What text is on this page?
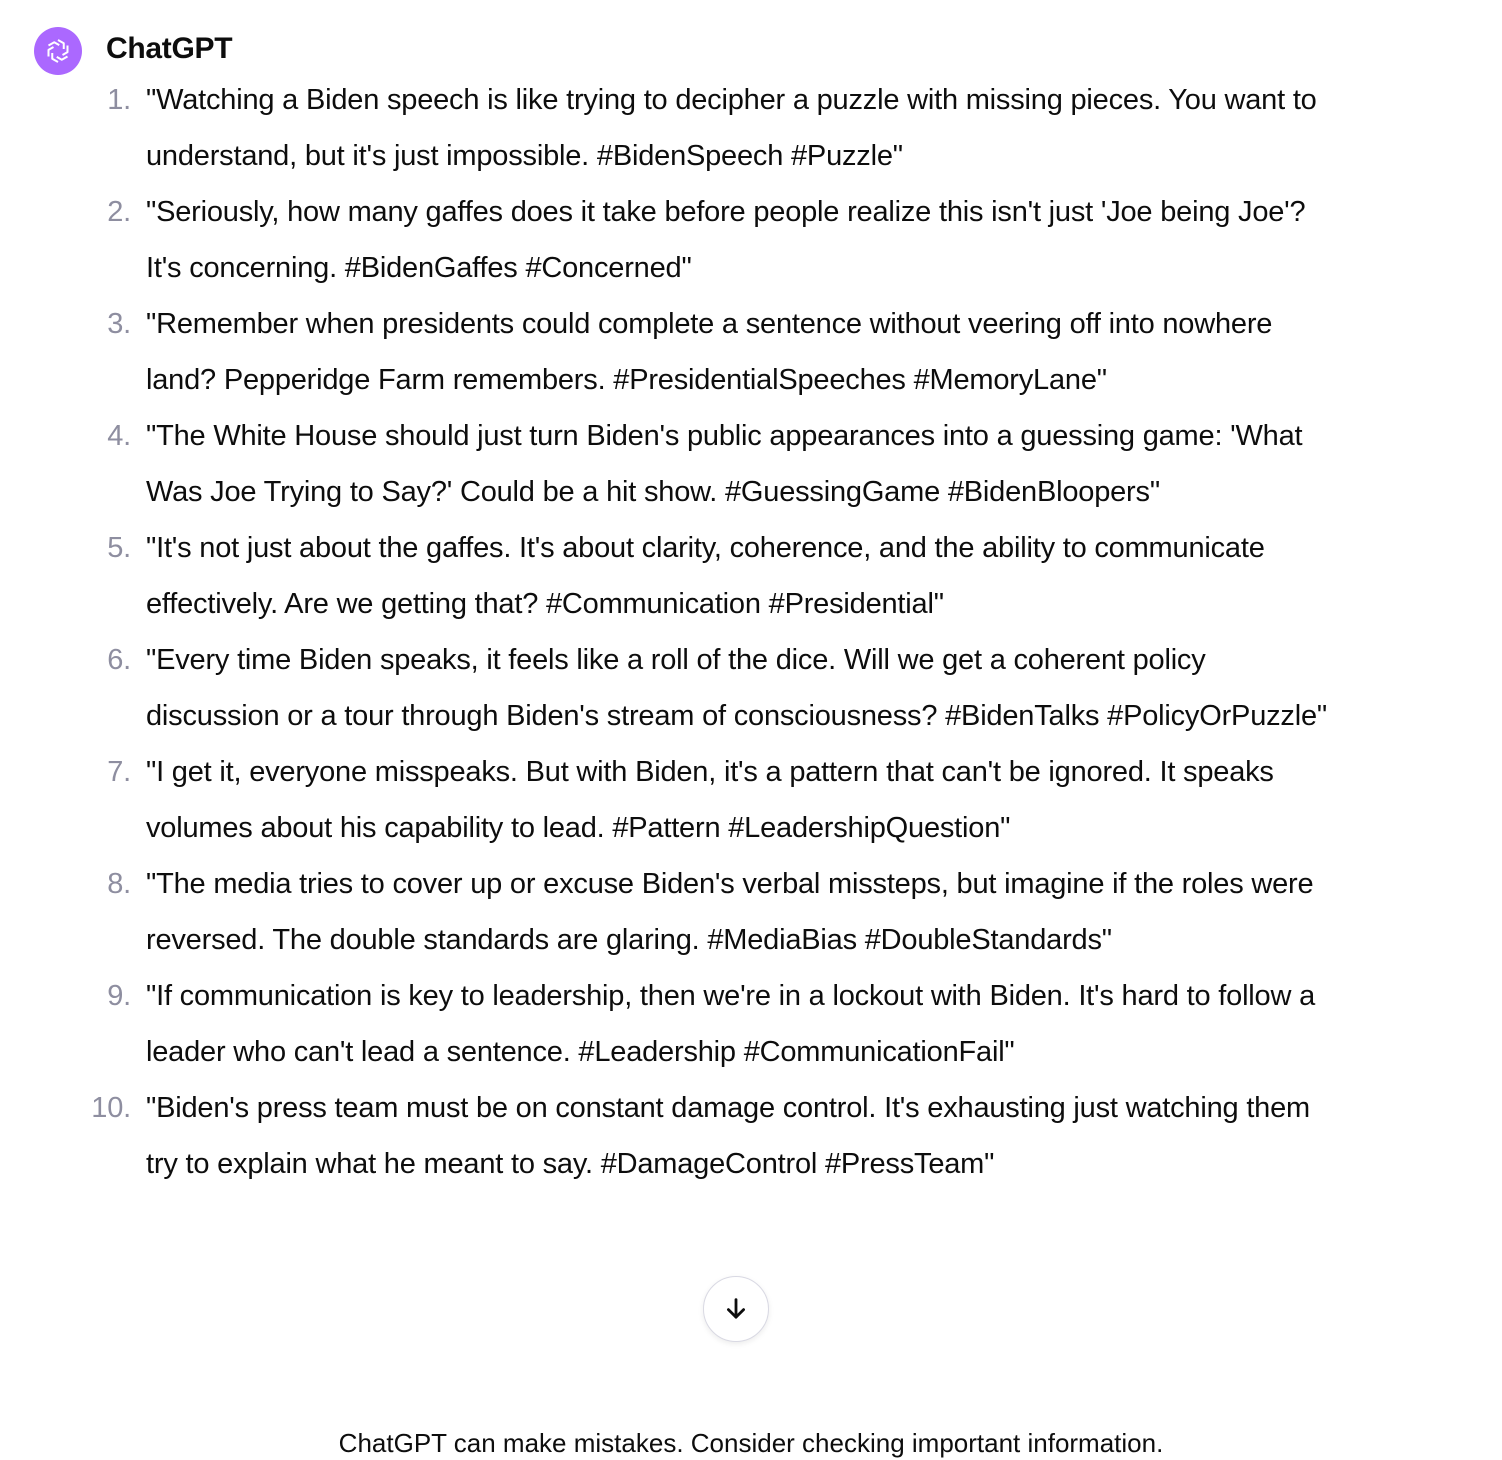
ChatGPT
1. "Watching a Biden speech is like trying to decipher a puzzle with missing pieces. You want to understand, but it's just impossible. #BidenSpeech #Puzzle"
2. "Seriously, how many gaffes does it take before people realize this isn't just 'Joe being Joe'? It's concerning. #BidenGaffes #Concerned"
3. "Remember when presidents could complete a sentence without veering off into nowhere land? Pepperidge Farm remembers. #PresidentialSpeeches #MemoryLane"
4. "The White House should just turn Biden's public appearances into a guessing game: 'What Was Joe Trying to Say?' Could be a hit show. #GuessingGame #BidenBloopers"
5. "It's not just about the gaffes. It's about clarity, coherence, and the ability to communicate effectively. Are we getting that? #Communication #Presidential"
6. "Every time Biden speaks, it feels like a roll of the dice. Will we get a coherent policy discussion or a tour through Biden's stream of consciousness? #BidenTalks #PolicyOrPuzzle"
7. "I get it, everyone misspeaks. But with Biden, it's a pattern that can't be ignored. It speaks volumes about his capability to lead. #Pattern #LeadershipQuestion"
8. "The media tries to cover up or excuse Biden's verbal missteps, but imagine if the roles were reversed. The double standards are glaring. #MediaBias #DoubleStandards"
9. "If communication is key to leadership, then we're in a lockout with Biden. It's hard to follow a leader who can't lead a sentence. #Leadership #CommunicationFail"
10. "Biden's press team must be on constant damage control. It's exhausting just watching them try to explain what he meant to say. #DamageControl #PressTeam"
ChatGPT can make mistakes. Consider checking important information.
